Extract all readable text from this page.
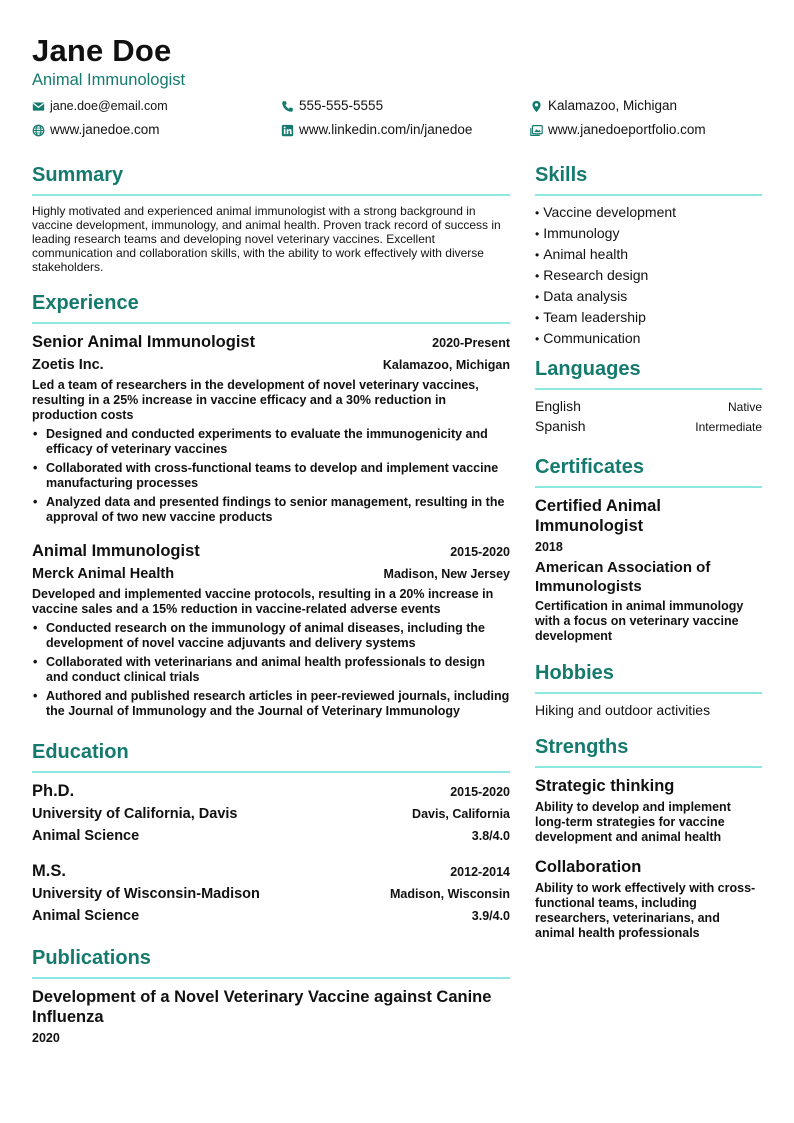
Jane Doe
Animal Immunologist
jane.doe@email.com	555-555-5555	Kalamazoo, Michigan
www.janedoe.com	www.linkedin.com/in/janedoe	www.janedoeportfolio.com
Summary
Highly motivated and experienced animal immunologist with a strong background in vaccine development, immunology, and animal health. Proven track record of success in leading research teams and developing novel veterinary vaccines. Excellent communication and collaboration skills, with the ability to work effectively with diverse stakeholders.
Experience
Senior Animal Immunologist	2020-Present
Zoetis Inc.	Kalamazoo, Michigan
Led a team of researchers in the development of novel veterinary vaccines, resulting in a 25% increase in vaccine efficacy and a 30% reduction in production costs
• Designed and conducted experiments to evaluate the immunogenicity and efficacy of veterinary vaccines
• Collaborated with cross-functional teams to develop and implement vaccine manufacturing processes
• Analyzed data and presented findings to senior management, resulting in the approval of two new vaccine products
Animal Immunologist	2015-2020
Merck Animal Health	Madison, New Jersey
Developed and implemented vaccine protocols, resulting in a 20% increase in vaccine sales and a 15% reduction in vaccine-related adverse events
• Conducted research on the immunology of animal diseases, including the development of novel vaccine adjuvants and delivery systems
• Collaborated with veterinarians and animal health professionals to design and conduct clinical trials
• Authored and published research articles in peer-reviewed journals, including the Journal of Immunology and the Journal of Veterinary Immunology
Education
Ph.D.	2015-2020
University of California, Davis	Davis, California
Animal Science	3.8/4.0
M.S.	2012-2014
University of Wisconsin-Madison	Madison, Wisconsin
Animal Science	3.9/4.0
Publications
Development of a Novel Veterinary Vaccine against Canine Influenza
2020
Skills
• Vaccine development
• Immunology
• Animal health
• Research design
• Data analysis
• Team leadership
• Communication
Languages
English	Native
Spanish	Intermediate
Certificates
Certified Animal Immunologist
2018
American Association of Immunologists
Certification in animal immunology with a focus on veterinary vaccine development
Hobbies
Hiking and outdoor activities
Strengths
Strategic thinking
Ability to develop and implement long-term strategies for vaccine development and animal health
Collaboration
Ability to work effectively with cross-functional teams, including researchers, veterinarians, and animal health professionals
